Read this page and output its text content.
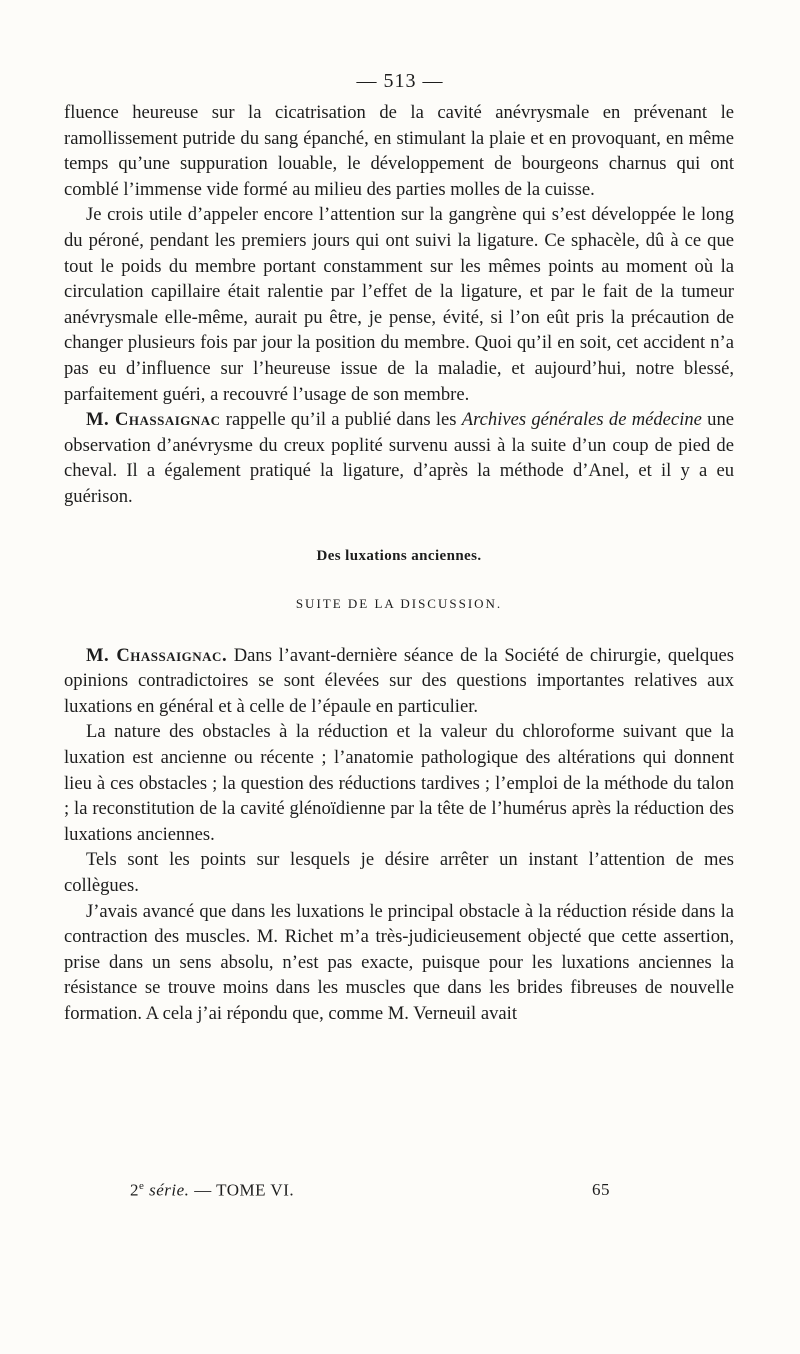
— 513 —

fluence heureuse sur la cicatrisation de la cavité anévrysmale en prévenant le ramollissement putride du sang épanché, en stimulant la plaie et en provoquant, en même temps qu’une suppuration louable, le développement de bourgeons charnus qui ont comblé l’immense vide formé au milieu des parties molles de la cuisse.

Je crois utile d’appeler encore l’attention sur la gangrène qui s’est développée le long du péroné, pendant les premiers jours qui ont suivi la ligature. Ce sphacèle, dû à ce que tout le poids du membre portant constamment sur les mêmes points au moment où la circulation capillaire était ralentie par l’effet de la ligature, et par le fait de la tumeur anévrysmale elle-même, aurait pu être, je pense, évité, si l’on eût pris la précaution de changer plusieurs fois par jour la position du membre. Quoi qu’il en soit, cet accident n’a pas eu d’influence sur l’heureuse issue de la maladie, et aujourd’hui, notre blessé, parfaitement guéri, a recouvré l’usage de son membre.

M. Chassaignac rappelle qu’il a publié dans les Archives générales de médecine une observation d’anévrysme du creux poplité survenu aussi à la suite d’un coup de pied de cheval. Il a également pratiqué la ligature, d’après la méthode d’Anel, et il y a eu guérison.

Des luxations anciennes.
SUITE DE LA DISCUSSION.

M. Chassaignac. Dans l’avant-dernière séance de la Société de chirurgie, quelques opinions contradictoires se sont élevées sur des questions importantes relatives aux luxations en général et à celle de l’épaule en particulier.

La nature des obstacles à la réduction et la valeur du chloroforme suivant que la luxation est ancienne ou récente ; l’anatomie pathologique des altérations qui donnent lieu à ces obstacles ; la question des réductions tardives ; l’emploi de la méthode du talon ; la reconstitution de la cavité glénoïdienne par la tête de l’humérus après la réduction des luxations anciennes.

Tels sont les points sur lesquels je désire arrêter un instant l’attention de mes collègues.

J’avais avancé que dans les luxations le principal obstacle à la réduction réside dans la contraction des muscles. M. Richet m’a très-judicieusement objecté que cette assertion, prise dans un sens absolu, n’est pas exacte, puisque pour les luxations anciennes la résistance se trouve moins dans les muscles que dans les brides fibreuses de nouvelle formation. A cela j’ai répondu que, comme M. Verneuil avait

2e série. — TOME VI.	65
